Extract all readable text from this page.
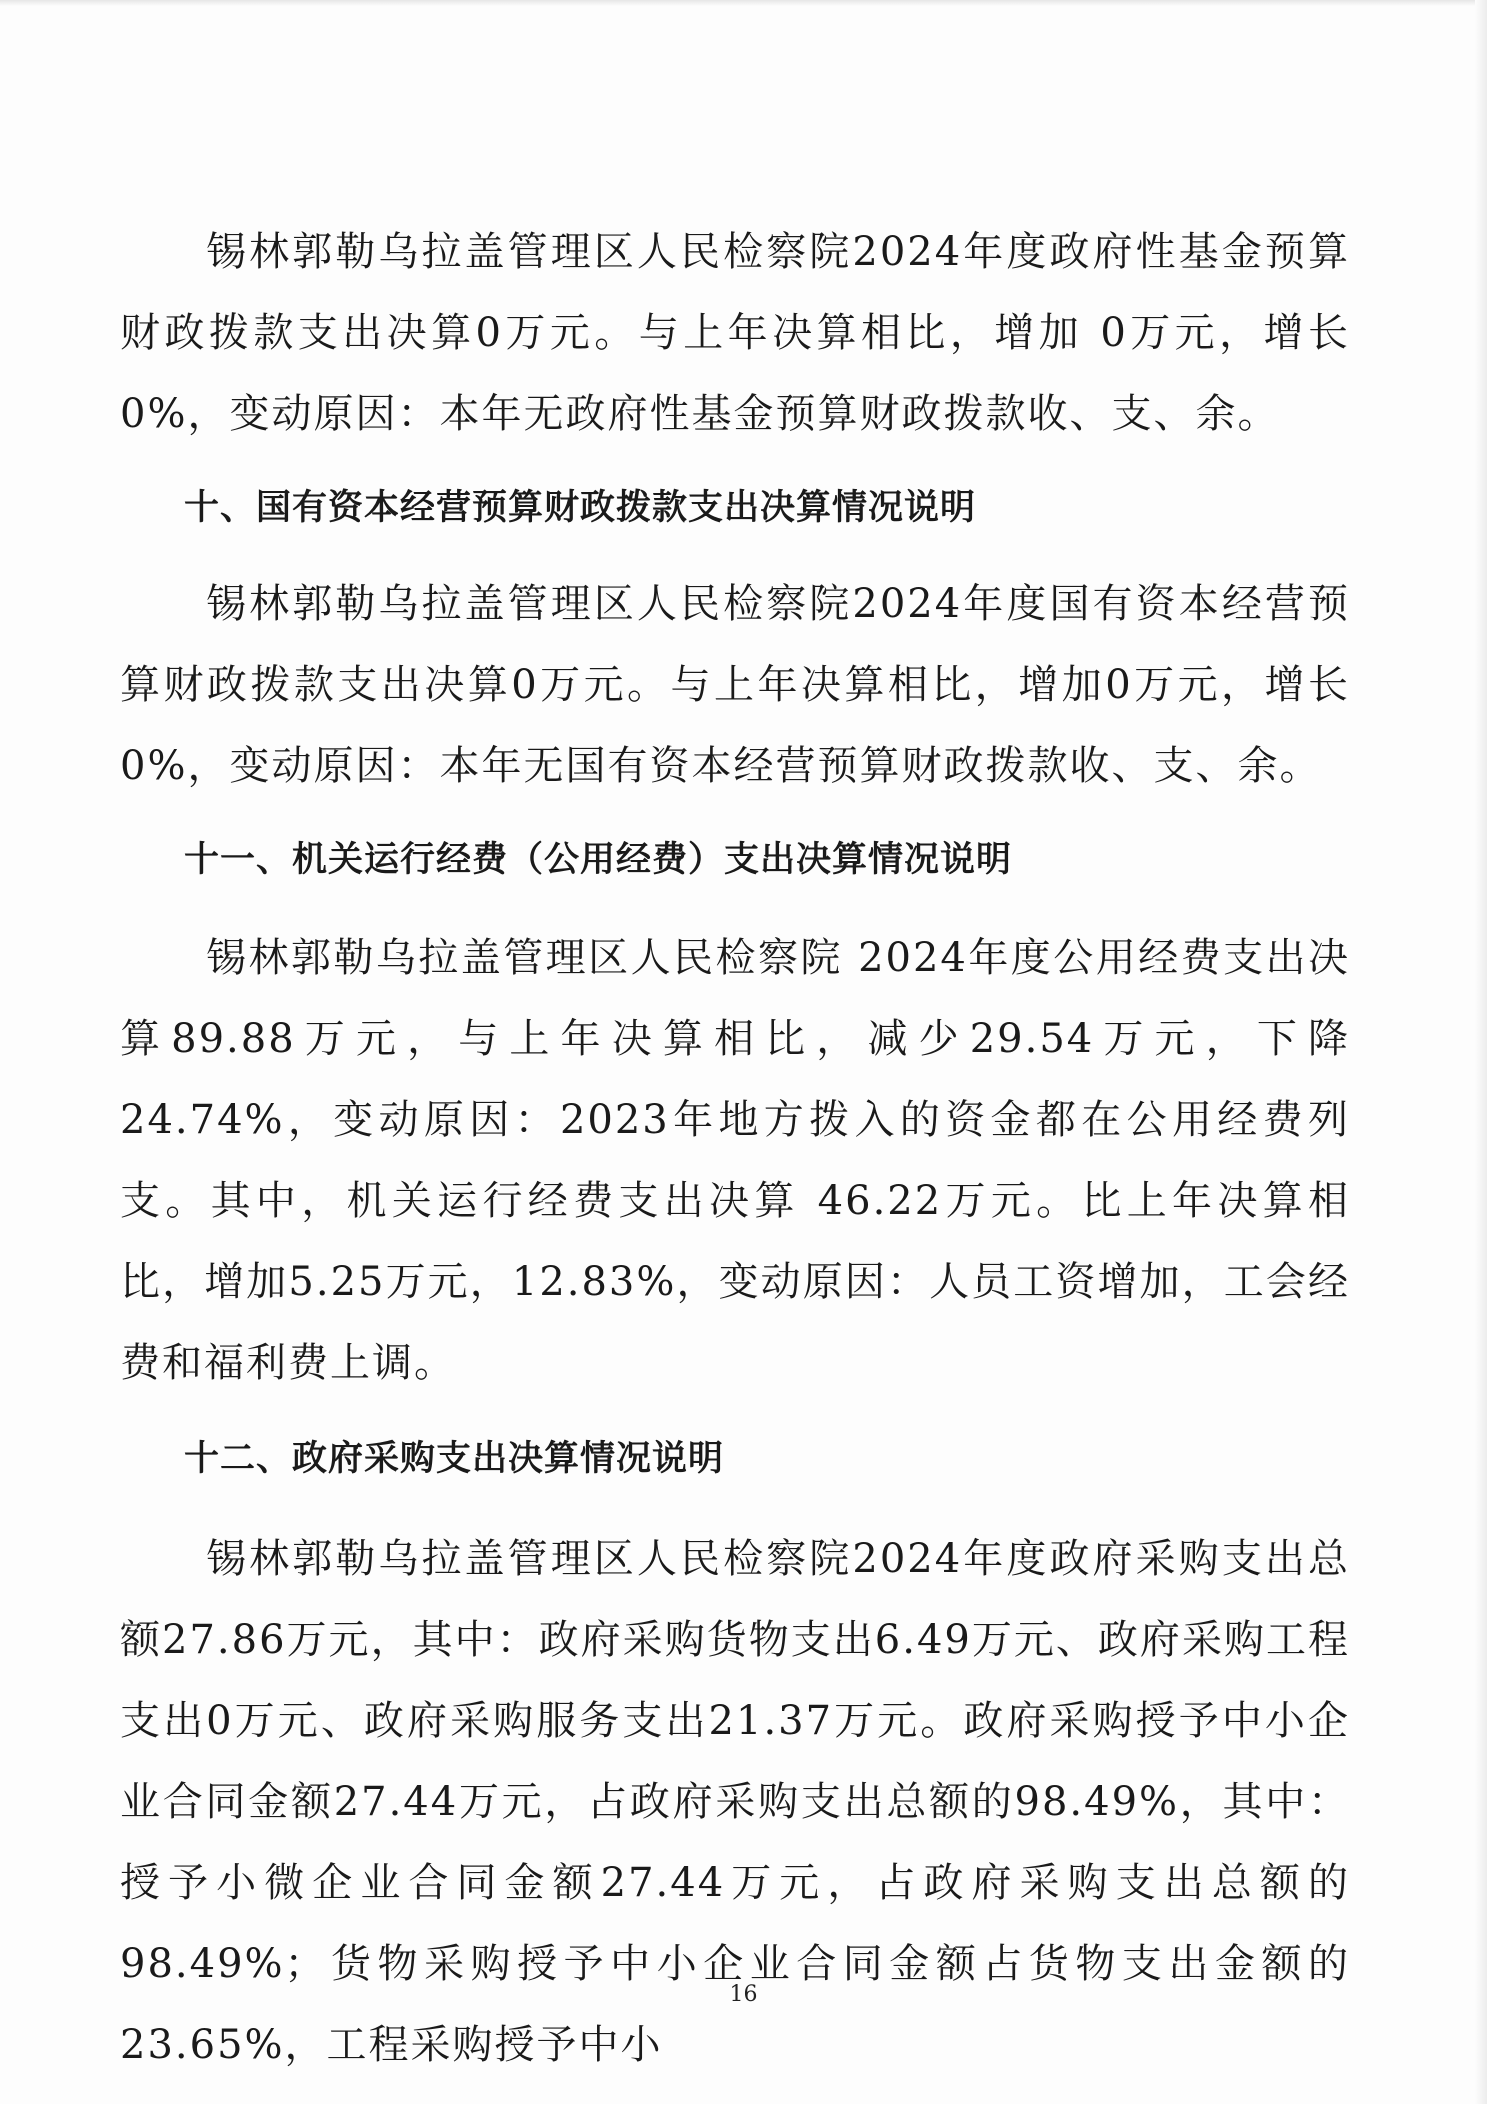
锡林郭勒乌拉盖管理区人民检察院2024年度政府性基金预算财政拨款支出决算0万元。与上年决算相比，增加 0万元，增长0%，变动原因：本年无政府性基金预算财政拨款收、支、余。

十、国有资本经营预算财政拨款支出决算情况说明

锡林郭勒乌拉盖管理区人民检察院2024年度国有资本经营预算财政拨款支出决算0万元。与上年决算相比，增加0万元，增长 0%，变动原因：本年无国有资本经营预算财政拨款收、支、余。

十一、机关运行经费（公用经费）支出决算情况说明

锡林郭勒乌拉盖管理区人民检察院 2024年度公用经费支出决算89.88万元，与上年决算相比，减少29.54万元，下降24.74%，变动原因：2023年地方拨入的资金都在公用经费列支。其中，机关运行经费支出决算 46.22万元。比上年决算相比，增加5.25万元，12.83%，变动原因：人员工资增加，工会经费和福利费上调。

十二、政府采购支出决算情况说明

锡林郭勒乌拉盖管理区人民检察院2024年度政府采购支出总额27.86万元，其中：政府采购货物支出6.49万元、政府采购工程支出0万元、政府采购服务支出21.37万元。政府采购授予中小企业合同金额27.44万元，占政府采购支出总额的98.49%，其中：授予小微企业合同金额27.44万元，占政府采购支出总额的98.49%；货物采购授予中小企业合同金额占货物支出金额的23.65%，工程采购授予中小

16
